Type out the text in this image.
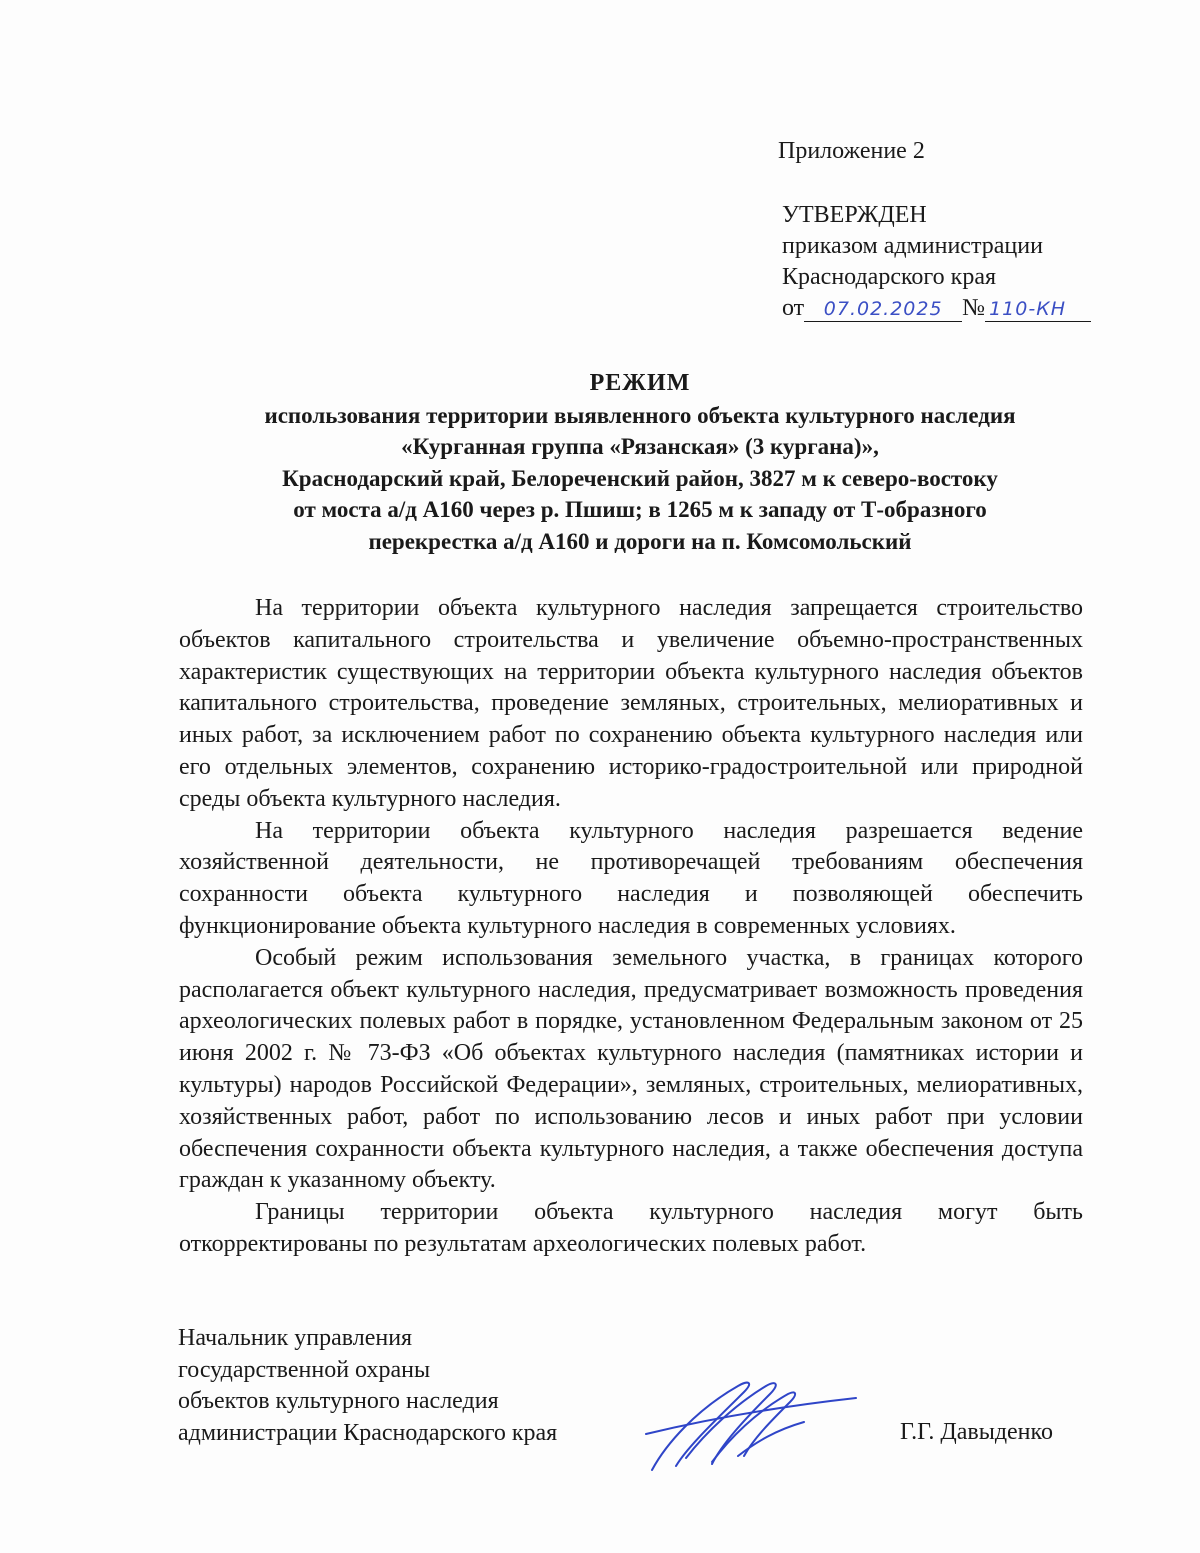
Приложение 2
УТВЕРЖДЕН
приказом администрации
Краснодарского края
от 07.02.2025 № 110-КН
РЕЖИМ
использования территории выявленного объекта культурного наследия
«Курганная группа «Рязанская» (3 кургана)»,
Краснодарский край, Белореченский район, 3827 м к северо-востоку
от моста а/д А160 через р. Пшиш; в 1265 м к западу от Т-образного
перекрестка а/д А160 и дороги на п. Комсомольский

На территории объекта культурного наследия запрещается строительство объектов капитального строительства и увеличение объемно-пространственных характеристик существующих на территории объекта культурного наследия объектов капитального строительства, проведение земляных, строительных, мелиоративных и иных работ, за исключением работ по сохранению объекта культурного наследия или его отдельных элементов, сохранению историко-градостроительной или природной среды объекта культурного наследия.

На территории объекта культурного наследия разрешается ведение хозяйственной деятельности, не противоречащей требованиям обеспечения сохранности объекта культурного наследия и позволяющей обеспечить функционирование объекта культурного наследия в современных условиях.

Особый режим использования земельного участка, в границах которого располагается объект культурного наследия, предусматривает возможность проведения археологических полевых работ в порядке, установленном Федеральным законом от 25 июня 2002 г. № 73-ФЗ «Об объектах культурного наследия (памятниках истории и культуры) народов Российской Федерации», земляных, строительных, мелиоративных, хозяйственных работ, работ по использованию лесов и иных работ при условии обеспечения сохранности объекта культурного наследия, а также обеспечения доступа граждан к указанному объекту.

Границы территории объекта культурного наследия могут быть откорректированы по результатам археологических полевых работ.

Начальник управления
государственной охраны
объектов культурного наследия
администрации Краснодарского края	Г.Г. Давыденко
